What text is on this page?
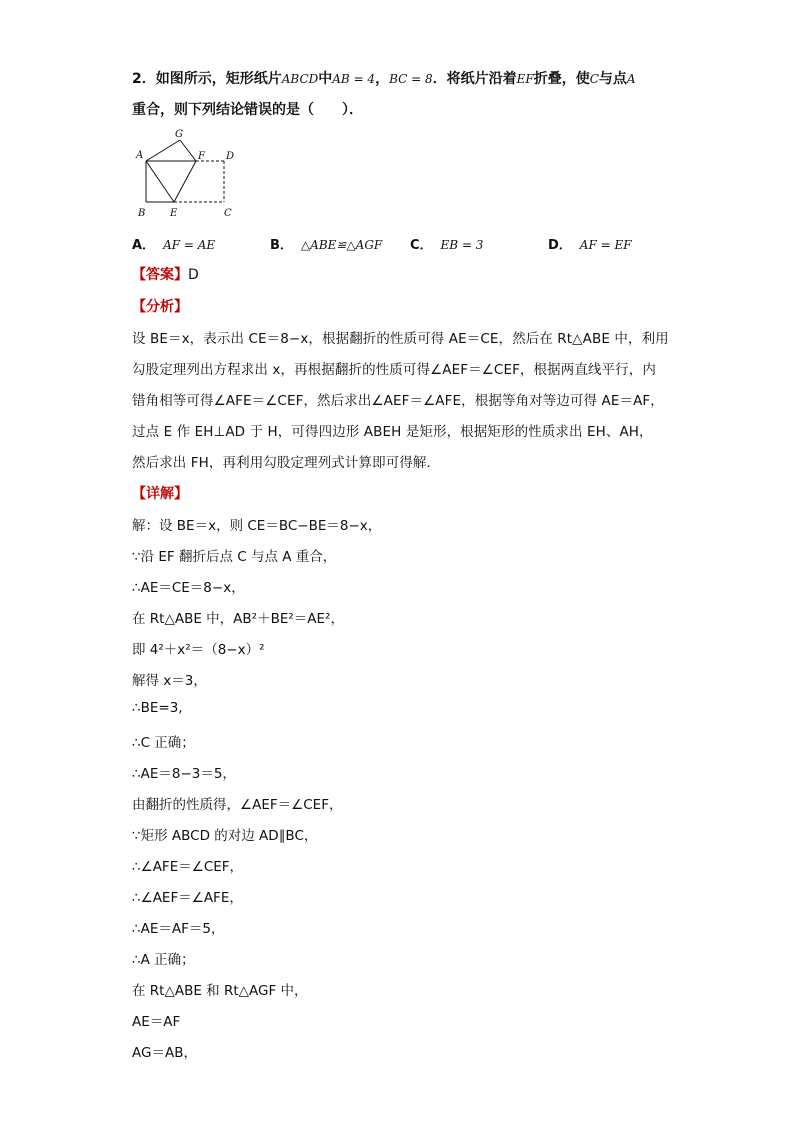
2．如图所示，矩形纸片ABCD中AB = 4，BC = 8．将纸片沿着EF折叠，使C与点A
重合，则下列结论错误的是（　　）．
A
B	C
D
E
F
G
A． AF = AE	B． △ABE≌△AGF C． EB = 3	D． AF = EF
【答案】D
【分析】
设 BE＝x，表示出 CE＝8−x，根据翻折的性质可得 AE＝CE，然后在 Rt△ABE 中，利用
勾股定理列出方程求出 x，再根据翻折的性质可得∠AEF＝∠CEF，根据两直线平行，内
错角相等可得∠AFE＝∠CEF，然后求出∠AEF＝∠AFE，根据等角对等边可得 AE＝AF，
过点 E 作 EH⊥AD 于 H，可得四边形 ABEH 是矩形，根据矩形的性质求出 EH、AH，
然后求出 FH，再利用勾股定理列式计算即可得解．
【详解】
解：设 BE＝x，则 CE＝BC−BE＝8−x，
∵沿 EF 翻折后点 C 与点 A 重合，
∴AE＝CE＝8−x，
在 Rt△ABE 中，AB²＋BE²＝AE²，
即 4²＋x²＝（8−x）²
解得 x＝3，
∴BE=3,
∴C 正确；
∴AE＝8−3＝5，
由翻折的性质得，∠AEF＝∠CEF，
∵矩形 ABCD 的对边 AD∥BC，
∴∠AFE＝∠CEF，
∴∠AEF＝∠AFE，
∴AE＝AF＝5，
∴A 正确；
在 Rt△ABE 和 Rt△AGF 中，
AE＝AF
AG＝AB，
